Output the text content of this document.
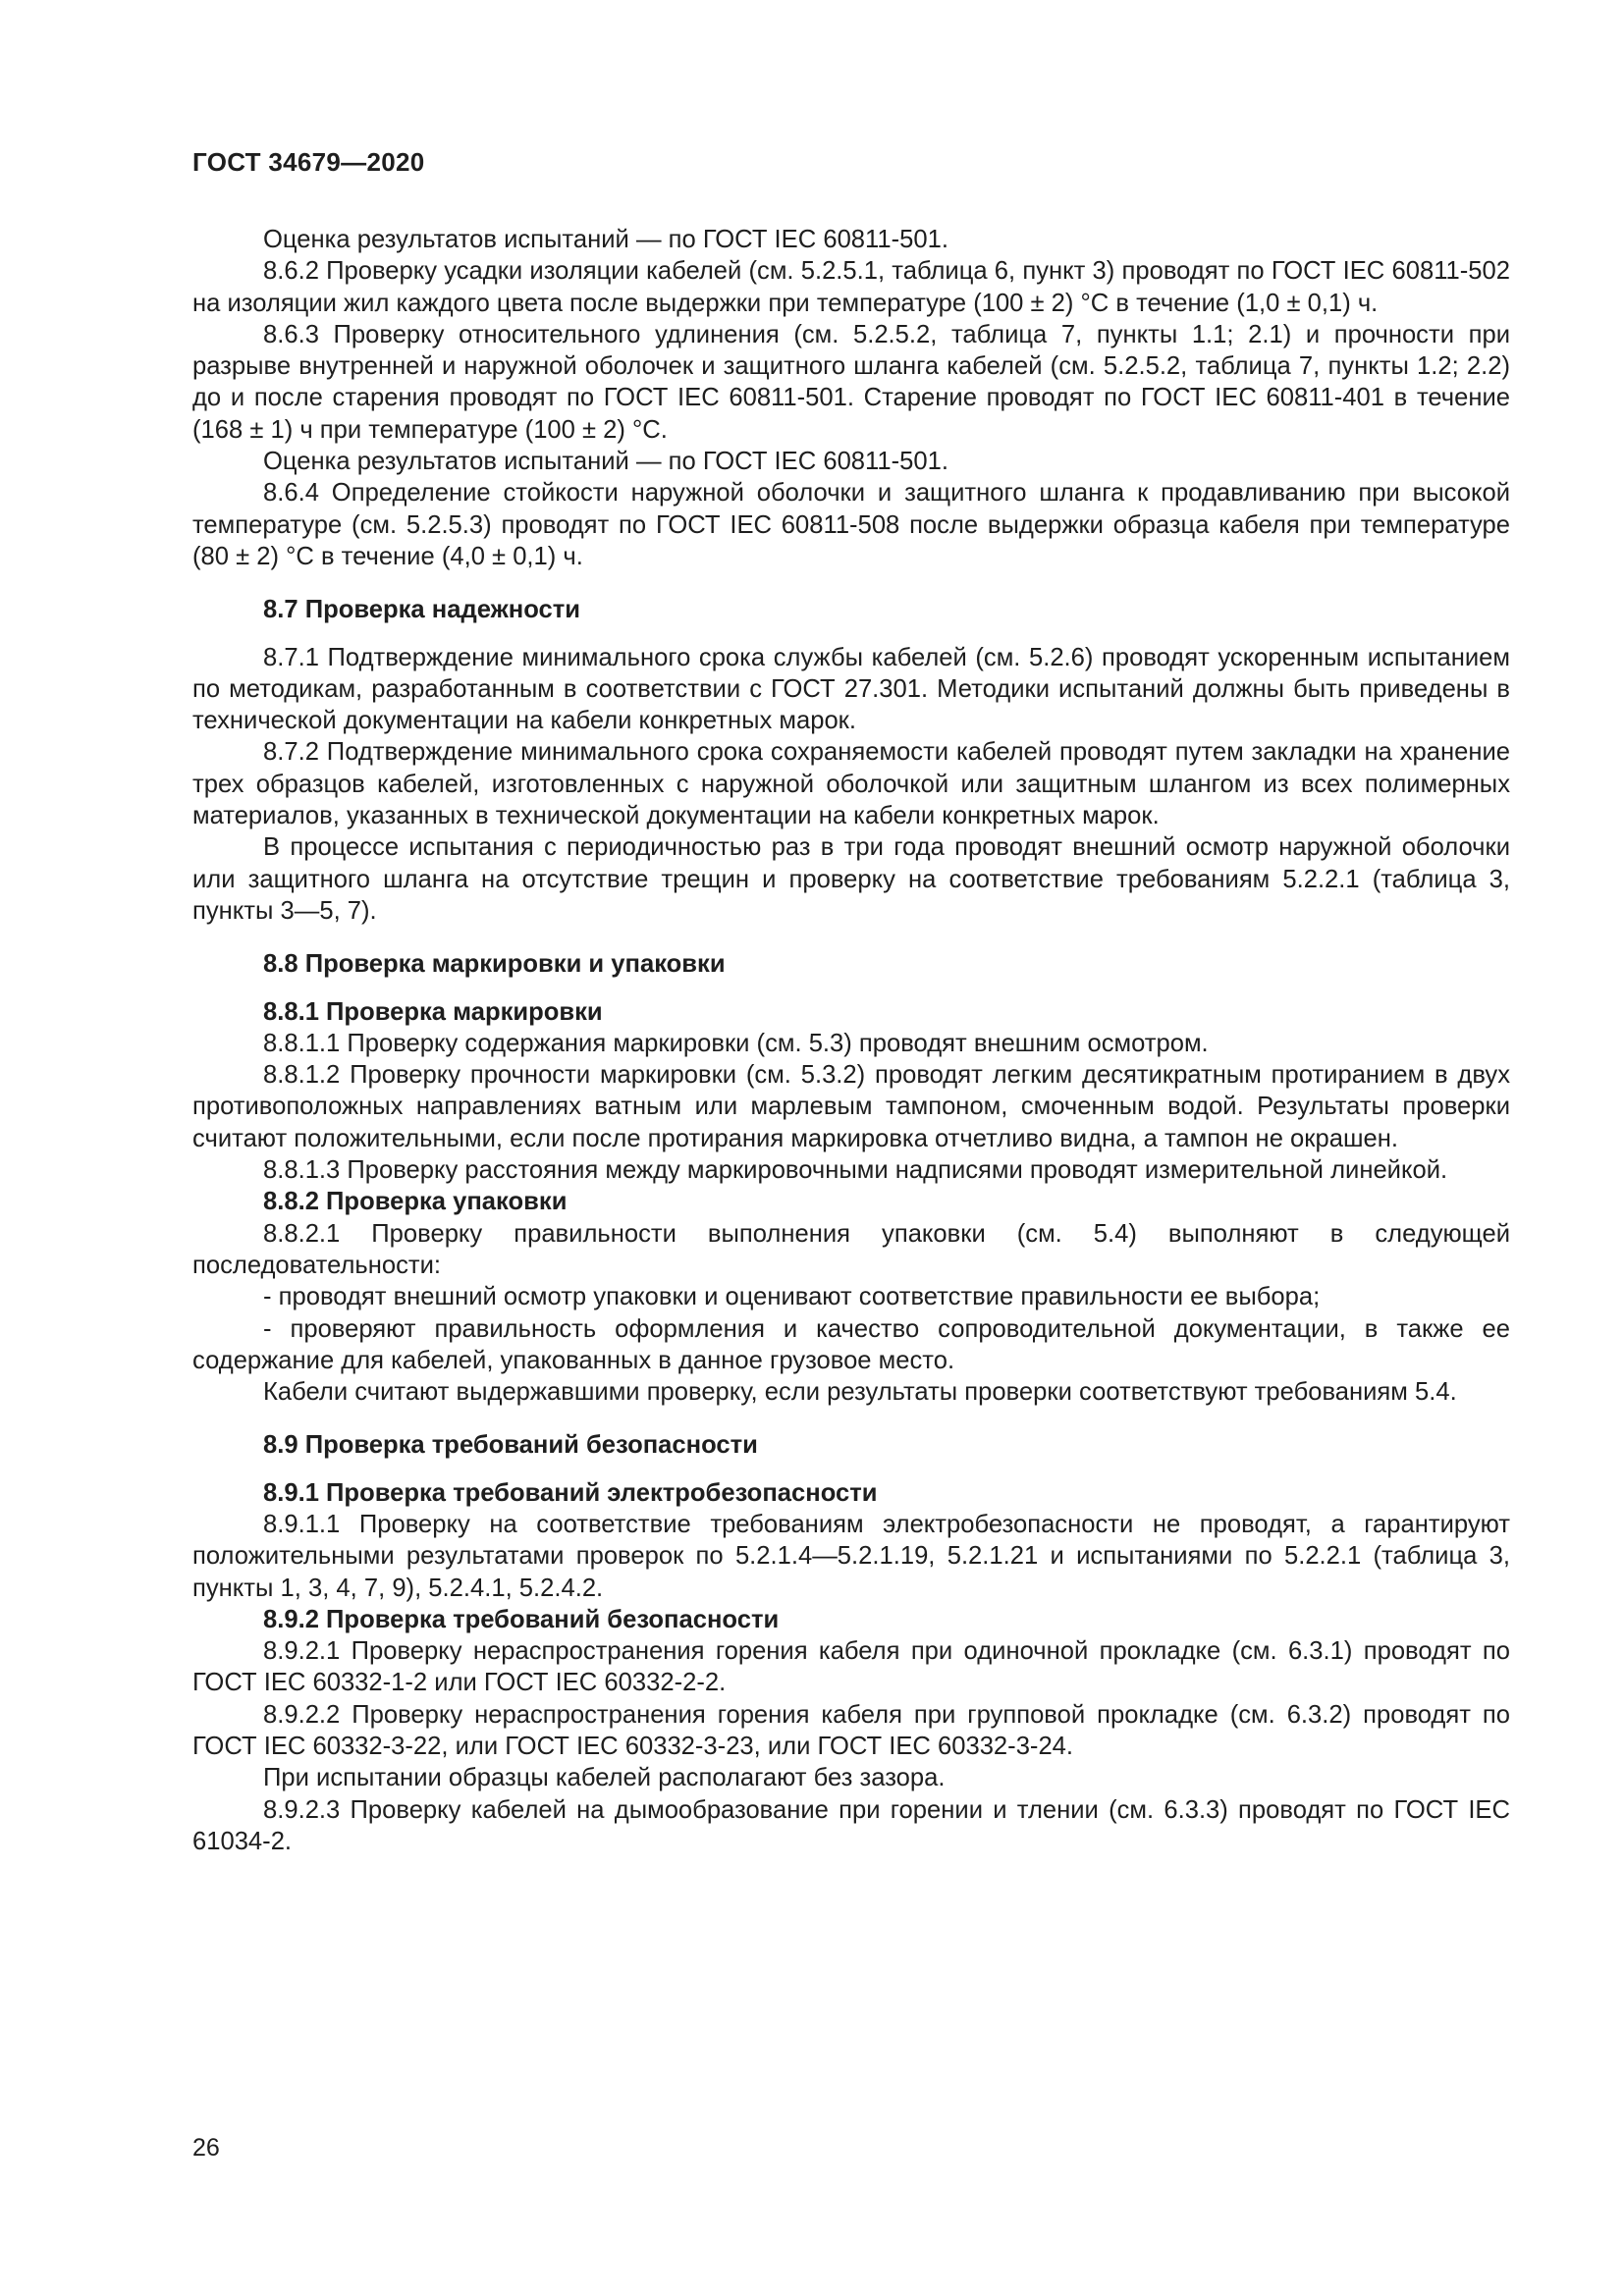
ГОСТ 34679—2020

Оценка результатов испытаний — по ГОСТ IEC 60811-501.

8.6.2 Проверку усадки изоляции кабелей (см. 5.2.5.1, таблица 6, пункт 3) проводят по ГОСТ IEC 60811-502 на изоляции жил каждого цвета после выдержки при температуре (100 ± 2) °С в течение (1,0 ± 0,1) ч.

8.6.3 Проверку относительного удлинения (см. 5.2.5.2, таблица 7, пункты 1.1; 2.1) и прочности при разрыве внутренней и наружной оболочек и защитного шланга кабелей (см. 5.2.5.2, таблица 7, пункты 1.2; 2.2) до и после старения проводят по ГОСТ IEC 60811-501. Старение проводят по ГОСТ IEC 60811-401 в течение (168 ± 1) ч при температуре (100 ± 2) °С.

Оценка результатов испытаний — по ГОСТ IEC 60811-501.

8.6.4 Определение стойкости наружной оболочки и защитного шланга к продавливанию при высокой температуре (см. 5.2.5.3) проводят по ГОСТ IEC 60811-508 после выдержки образца кабеля при температуре (80 ± 2) °С в течение (4,0 ± 0,1) ч.

8.7 Проверка надежности

8.7.1 Подтверждение минимального срока службы кабелей (см. 5.2.6) проводят ускоренным испытанием по методикам, разработанным в соответствии с ГОСТ 27.301. Методики испытаний должны быть приведены в технической документации на кабели конкретных марок.

8.7.2 Подтверждение минимального срока сохраняемости кабелей проводят путем закладки на хранение трех образцов кабелей, изготовленных с наружной оболочкой или защитным шлангом из всех полимерных материалов, указанных в технической документации на кабели конкретных марок.

В процессе испытания с периодичностью раз в три года проводят внешний осмотр наружной оболочки или защитного шланга на отсутствие трещин и проверку на соответствие требованиям 5.2.2.1 (таблица 3, пункты 3—5, 7).

8.8 Проверка маркировки и упаковки
8.8.1 Проверка маркировки

8.8.1.1 Проверку содержания маркировки (см. 5.3) проводят внешним осмотром.

8.8.1.2 Проверку прочности маркировки (см. 5.3.2) проводят легким десятикратным протиранием в двух противоположных направлениях ватным или марлевым тампоном, смоченным водой. Результаты проверки считают положительными, если после протирания маркировка отчетливо видна, а тампон не окрашен.

8.8.1.3 Проверку расстояния между маркировочными надписями проводят измерительной линейкой.

8.8.2 Проверка упаковки

8.8.2.1 Проверку правильности выполнения упаковки (см. 5.4) выполняют в следующей последовательности:

- проводят внешний осмотр упаковки и оценивают соответствие правильности ее выбора;

- проверяют правильность оформления и качество сопроводительной документации, в также ее содержание для кабелей, упакованных в данное грузовое место.

Кабели считают выдержавшими проверку, если результаты проверки соответствуют требованиям 5.4.

8.9 Проверка требований безопасности
8.9.1 Проверка требований электробезопасности

8.9.1.1 Проверку на соответствие требованиям электробезопасности не проводят, а гарантируют положительными результатами проверок по 5.2.1.4—5.2.1.19, 5.2.1.21 и испытаниями по 5.2.2.1 (таблица 3, пункты 1, 3, 4, 7, 9), 5.2.4.1, 5.2.4.2.

8.9.2 Проверка требований безопасности

8.9.2.1 Проверку нераспространения горения кабеля при одиночной прокладке (см. 6.3.1) проводят по ГОСТ IEC 60332-1-2 или ГОСТ IEC 60332-2-2.

8.9.2.2 Проверку нераспространения горения кабеля при групповой прокладке (см. 6.3.2) проводят по ГОСТ IEC 60332-3-22, или ГОСТ IEC 60332-3-23, или ГОСТ IEC 60332-3-24.

При испытании образцы кабелей располагают без зазора.

8.9.2.3 Проверку кабелей на дымообразование при горении и тлении (см. 6.3.3) проводят по ГОСТ IEC 61034-2.

26
